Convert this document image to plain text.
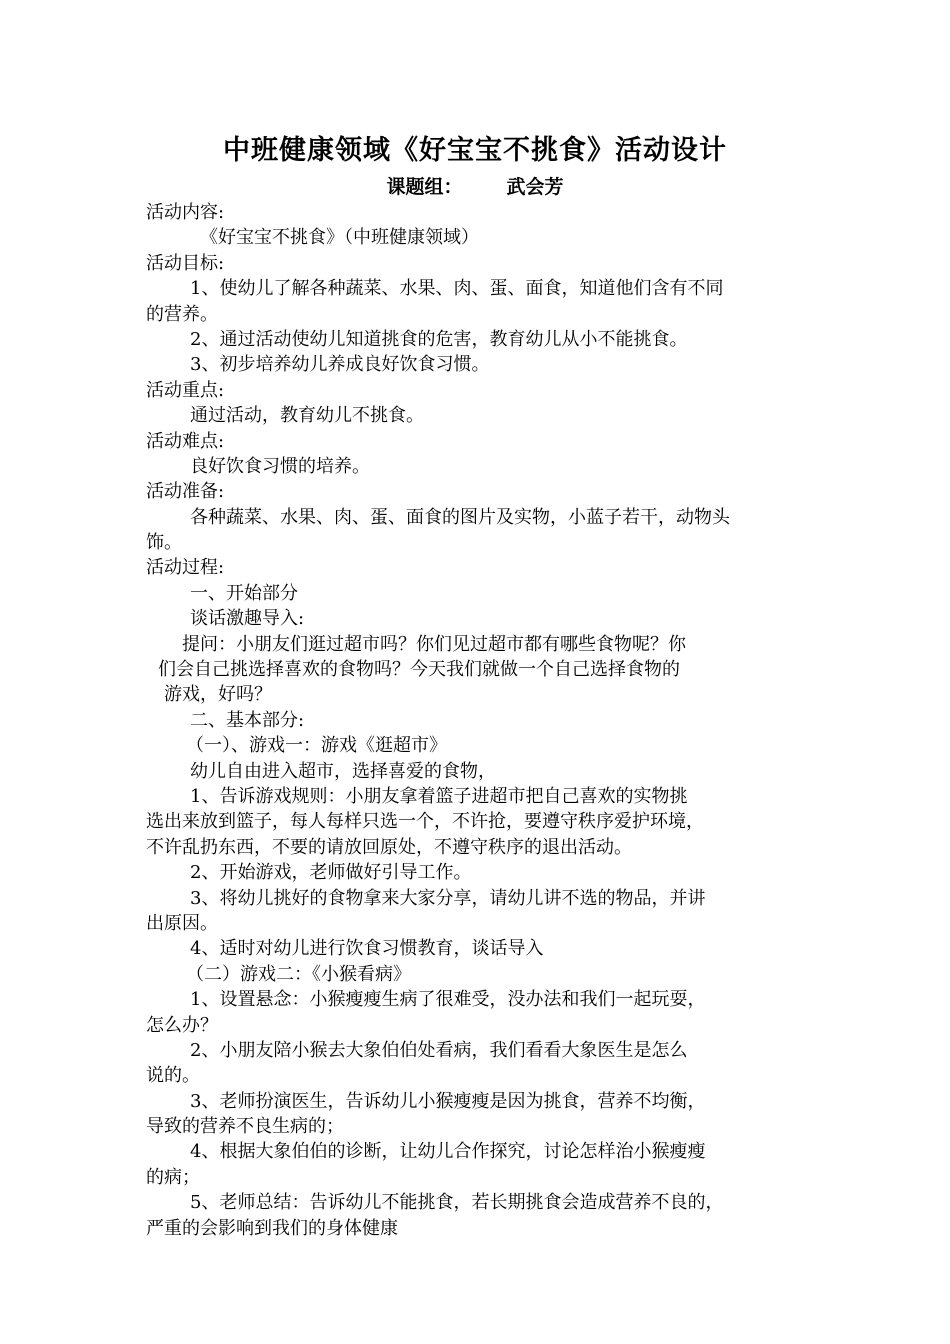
中班健康领域《好宝宝不挑食》活动设计
课题组： 武会芳
活动内容:
《好宝宝不挑食》（中班健康领域）
活动目标:
1、使幼儿了解各种蔬菜、水果、肉、蛋、面食，知道他们含有不同
的营养。
2、通过活动使幼儿知道挑食的危害，教育幼儿从小不能挑食。
3、初步培养幼儿养成良好饮食习惯。
活动重点:
通过活动，教育幼儿不挑食。
活动难点:
良好饮食习惯的培养。
活动准备:
各种蔬菜、水果、肉、蛋、面食的图片及实物，小蓝子若干，动物头
饰。
活动过程:
一、开始部分
谈话激趣导入:
提问：小朋友们逛过超市吗？你们见过超市都有哪些食物呢？你
们会自己挑选择喜欢的食物吗？今天我们就做一个自己选择食物的
游戏，好吗？
二、基本部分:
（一）、游戏一：游戏《逛超市》
幼儿自由进入超市，选择喜爱的食物，
1、告诉游戏规则：小朋友拿着篮子进超市把自己喜欢的实物挑
选出来放到篮子，每人每样只选一个，不许抢，要遵守秩序爱护环境，
不许乱扔东西，不要的请放回原处，不遵守秩序的退出活动。
2、开始游戏，老师做好引导工作。
3、将幼儿挑好的食物拿来大家分享，请幼儿讲不选的物品，并讲
出原因。
4、适时对幼儿进行饮食习惯教育，谈话导入
（二）游戏二：《小猴看病》
1、设置悬念：小猴瘦瘦生病了很难受，没办法和我们一起玩耍，
怎么办？
2、小朋友陪小猴去大象伯伯处看病，我们看看大象医生是怎么
说的。
3、老师扮演医生，告诉幼儿小猴瘦瘦是因为挑食，营养不均衡，
导致的营养不良生病的；
4、根据大象伯伯的诊断，让幼儿合作探究，讨论怎样治小猴瘦瘦
的病；
5、老师总结：告诉幼儿不能挑食，若长期挑食会造成营养不良的，
严重的会影响到我们的身体健康
